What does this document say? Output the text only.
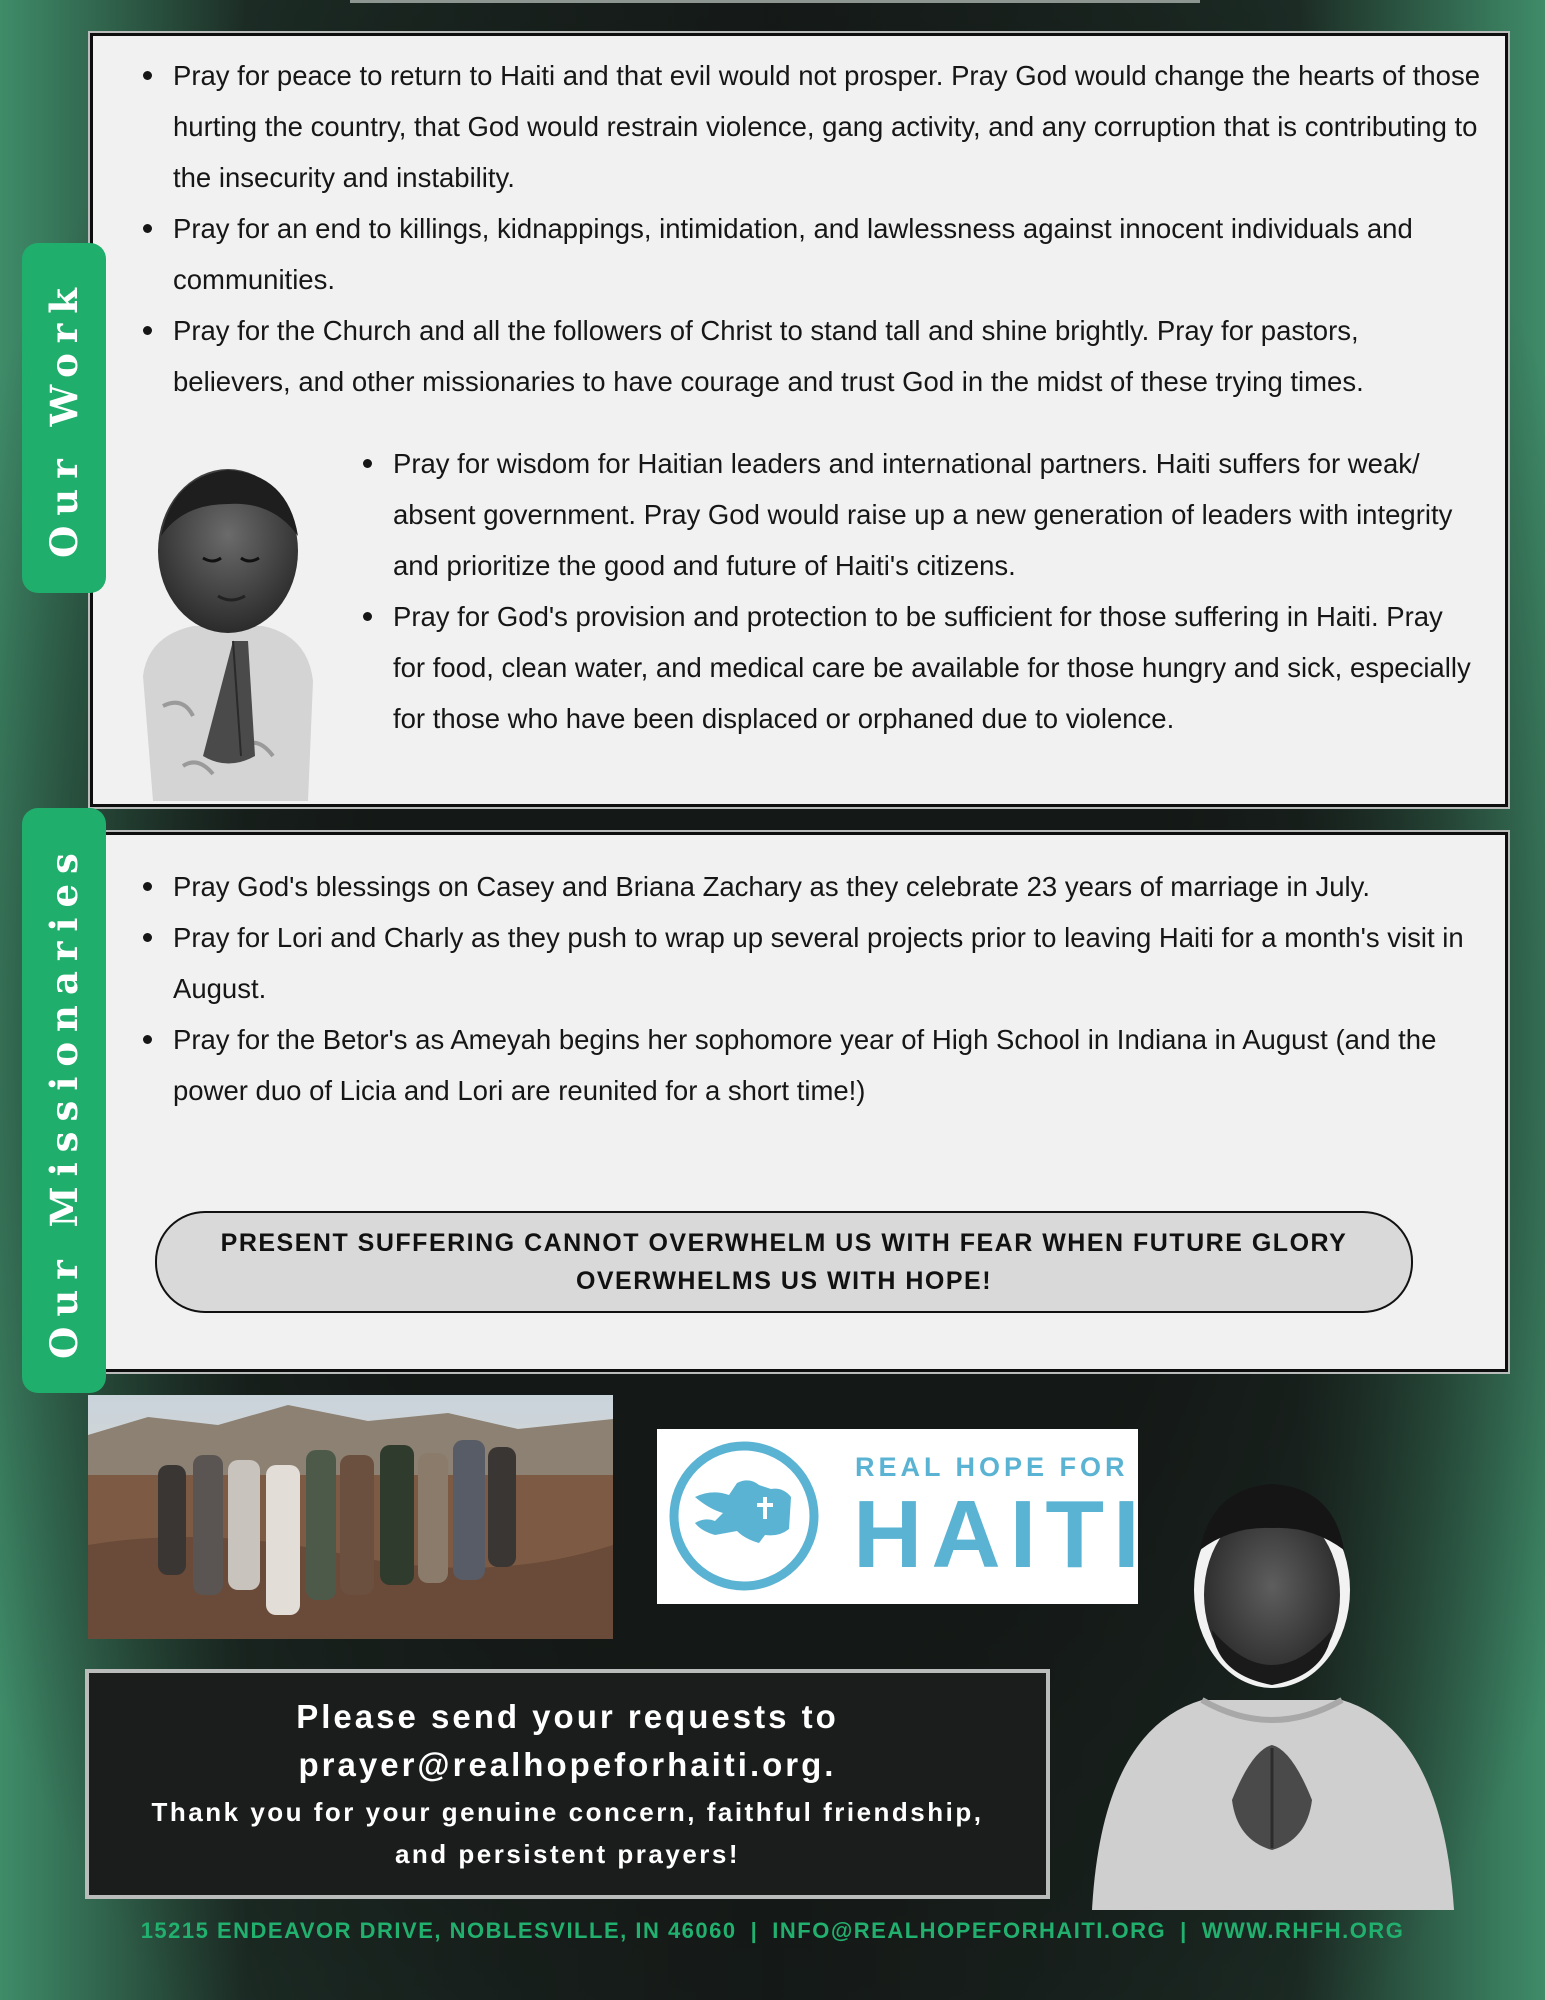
Pray for peace to return to Haiti and that evil would not prosper. Pray God would change the hearts of those hurting the country, that God would restrain violence, gang activity, and any corruption that is contributing to the insecurity and instability.
Pray for an end to killings, kidnappings, intimidation, and lawlessness against innocent individuals and communities.
Pray for the Church and all the followers of Christ to stand tall and shine brightly. Pray for pastors, believers, and other missionaries to have courage and trust God in the midst of these trying times.
Pray for wisdom for Haitian leaders and international partners. Haiti suffers for weak/ absent government. Pray God would raise up a new generation of leaders with integrity and prioritize the good and future of Haiti's citizens.
Pray for God's provision and protection to be sufficient for those suffering in Haiti. Pray for food, clean water, and medical care be available for those hungry and sick, especially for those who have been displaced or orphaned due to violence.
Pray God's blessings on Casey and Briana Zachary as they celebrate 23 years of marriage in July.
Pray for Lori and Charly as they push to wrap up several projects prior to leaving Haiti for a month's visit in August.
Pray for the Betor's as Ameyah begins her sophomore year of High School in Indiana in August (and the power duo of Licia and Lori are reunited for a short time!)
PRESENT SUFFERING CANNOT OVERWHELM US WITH FEAR WHEN FUTURE GLORY OVERWHELMS US WITH HOPE!
Our Work
Our Missionaries
REAL HOPE FOR
HAITI
Please send your requests to
prayer@realhopeforhaiti.org.
Thank you for your genuine concern, faithful friendship,
and persistent prayers!
15215 ENDEAVOR DRIVE, NOBLESVILLE, IN 46060 | INFO@REALHOPEFORHAITI.ORG | WWW.RHFH.ORG
